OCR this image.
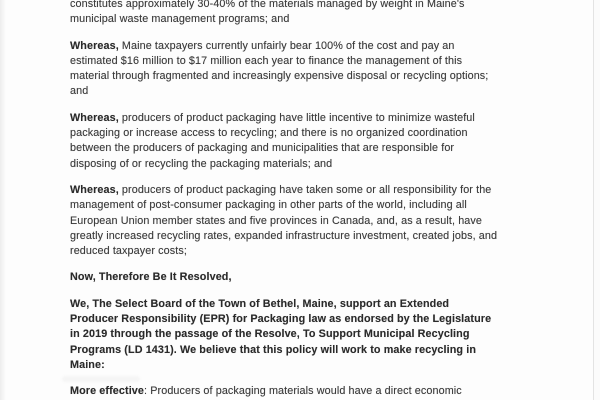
constitutes approximately 30-40% of the materials managed by weight in Maine's
municipal waste management programs; and
Whereas, Maine taxpayers currently unfairly bear 100% of the cost and pay an
estimated $16 million to $17 million each year to finance the management of this
material through fragmented and increasingly expensive disposal or recycling options;
and
Whereas, producers of product packaging have little incentive to minimize wasteful
packaging or increase access to recycling; and there is no organized coordination
between the producers of packaging and municipalities that are responsible for
disposing of or recycling the packaging materials; and
Whereas, producers of product packaging have taken some or all responsibility for the
management of post-consumer packaging in other parts of the world, including all
European Union member states and five provinces in Canada, and, as a result, have
greatly increased recycling rates, expanded infrastructure investment, created jobs, and
reduced taxpayer costs;
Now, Therefore Be It Resolved,
We, The Select Board of the Town of Bethel, Maine, support an Extended
Producer Responsibility (EPR) for Packaging law as endorsed by the Legislature
in 2019 through the passage of the Resolve, To Support Municipal Recycling
Programs (LD 1431). We believe that this policy will work to make recycling in
Maine:
More effective: Producers of packaging materials would have a direct economic
